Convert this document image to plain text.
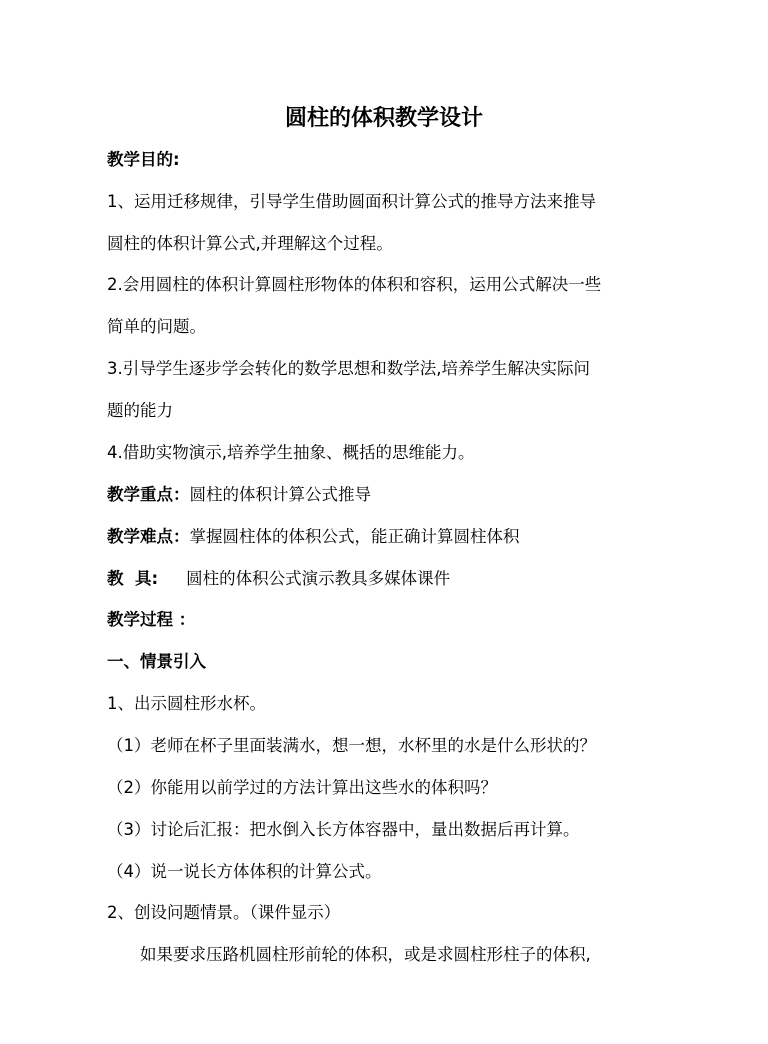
圆柱的体积教学设计
教学目的:
1、运用迁移规律，引导学生借助圆面积计算公式的推导方法来推导
圆柱的体积计算公式,并理解这个过程。
2.会用圆柱的体积计算圆柱形物体的体积和容积，运用公式解决一些
简单的问题。
3.引导学生逐步学会转化的数学思想和数学法,培养学生解决实际问
题的能力
4.借助实物演示,培养学生抽象、概括的思维能力。
教学重点：圆柱的体积计算公式推导
教学难点：掌握圆柱体的体积公式，能正确计算圆柱体积
教  具: 圆柱的体积公式演示教具多媒体课件
教学过程 ：
一、情景引入
1、出示圆柱形水杯。
（1）老师在杯子里面装满水，想一想，水杯里的水是什么形状的？
（2）你能用以前学过的方法计算出这些水的体积吗？
（3）讨论后汇报：把水倒入长方体容器中，量出数据后再计算。
（4）说一说长方体体积的计算公式。
2、创设问题情景。（课件显示）
如果要求压路机圆柱形前轮的体积，或是求圆柱形柱子的体积,
